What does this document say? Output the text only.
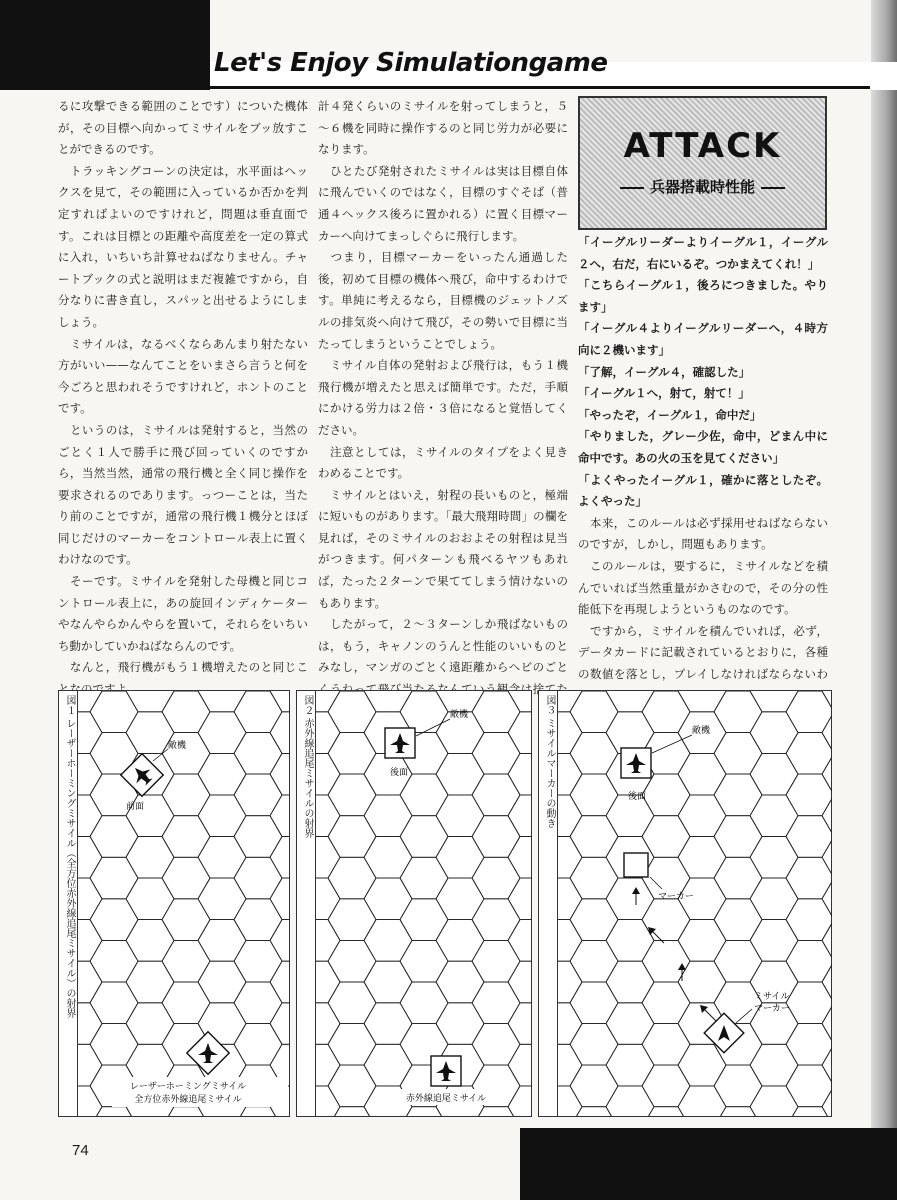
Let's Enjoy Simulationgame

るに攻撃できる範囲のことです）についた機体が，その目標へ向かってミサイルをブッ放すことができるのです。

　トラッキングコーンの決定は，水平面はヘックスを見て，その範囲に入っているか否かを判定すればよいのですけれど，問題は垂直面です。これは目標との距離や高度差を一定の算式に入れ，いちいち計算せねばなりません。チャートブックの式と説明はまだ複雑ですから，自分なりに書き直し，スパッと出せるようにしましょう。

　ミサイルは，なるべくならあんまり射たない方がいい——なんてことをいまさら言うと何を今ごろと思われそうですけれど，ホントのことです。

　というのは，ミサイルは発射すると，当然のごとく１人で勝手に飛び回っていくのですから，当然当然，通常の飛行機と全く同じ操作を要求されるのであります。っつーことは，当たり前のことですが，通常の飛行機１機分とほぼ同じだけのマーカーをコントロール表上に置くわけなのです。

　そーです。ミサイルを発射した母機と同じコントロール表上に，あの旋回インディケーターやなんやらかんやらを置いて，それらをいちいち動かしていかねばならんのです。

　なんと，飛行機がもう１機増えたのと同じこ

計４発くらいのミサイルを射ってしまうと，５～６機を同時に操作するのと同じ労力が必要になります。

　ひとたび発射されたミサイルは実は目標自体に飛んでいくのではなく，目標のすぐそば（普通４ヘックス後ろに置かれる）に置く目標マーカーへ向けてまっしぐらに飛行します。

　つまり，目標マーカーをいったん通過した後，初めて目標の機体へ飛び，命中するわけです。単純に考えるなら，目標機のジェットノズルの排気炎へ向けて飛び，その勢いで目標に当たってしまうということでしょう。

　ミサイル自体の発射および飛行は，もう１機飛行機が増えたと思えば簡単です。ただ，手順にかける労力は２倍・３倍になると覚悟してください。

　注意としては，ミサイルのタイプをよく見きわめることです。

　ミサイルとはいえ，射程の長いものと，極端に短いものがあります。「最大飛翔時間」の欄を見れば，そのミサイルのおおよその射程は見当がつきます。何パターンも飛べるヤツもあれば，たった２ターンで果ててしまう情けないのもあります。

　したがって，２～３ターンしか飛ばないものは，もう，キャノンのうんと性能のいいものとみなし，マンガのごとく遠距離からヘビのごと

ATTACK
兵器搭載時性能

「イーグルリーダーよりイーグル１，イーグル２へ，右だ，右にいるぞ。つかまえてくれ！」

「こちらイーグル１，後ろにつきました。やります」

「イーグル４よりイーグルリーダーへ，４時方向に２機います」

「了解，イーグル４，確認した」

「イーグル１へ，射て，射て！」

「やったぞ，イーグル１，命中だ」

「やりました，グレー少佐，命中，どまん中に命中です。あの火の玉を見てください」

「よくやったイーグル１，確かに落としたぞ。よくやった」

　本来，このルールは必ず採用せねばならないのですが，しかし，問題もあります。

　このルールは，要するに，ミサイルなどを積んでいれば当然重量がかさむので，その分の性能低下を再現しようというものなのです。

　ですから，ミサイルを積んでいれば，必ず，データカードに記載されているとおりに，各種の数値を落とし，プレイしなければならないわ

図１ レーザーホーミングミサイル（全方位赤外線追尾ミサイル）の射界	敵機
前面
レーザーホーミングミサイル
全方位赤外線追尾ミサイル
図２ 赤外線追尾ミサイルの射界	敵機
後面
赤外線追尾ミサイル
図３ ミサイルマーカーの動き	敵機
後面
マーカー
ミサイル
マーカー
74
